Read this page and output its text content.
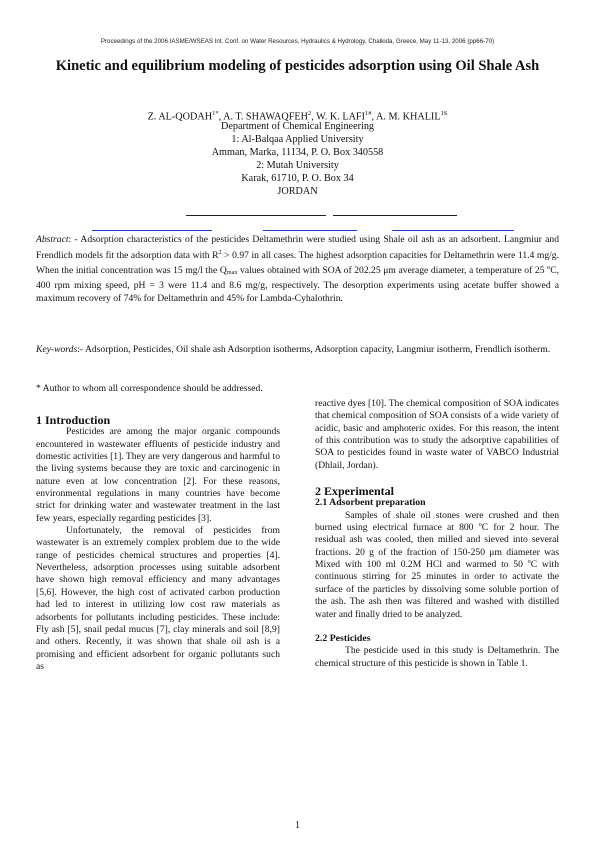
Proceedings of the 2006 IASME/WSEAS Int. Conf. on Water Resources, Hydraulics & Hydrology, Chalkida, Greece, May 11-13, 2006 (pp66-70)
Kinetic and equilibrium modeling of pesticides adsorption using Oil Shale Ash
Z. $AL-QODAH^{1*}$, A. T. SHAWAQFEH$^2$, W. K. $LAFI^{1\#}$, A. M. $KHALIL^{1S}$
Department of Chemical Engineering
1: Al-Balqaa Applied University
Amman, Marka, 11134, P. O. Box 340558
2: Mutah University
Karak, 61710, P. O. Box 34
JORDAN
Abstract: - Adsorption characteristics of the pesticides Deltamethrin were studied using Shale oil ash as an adsorbent. Langmiur and Frendlich models fit the adsorption data with $R^2 > 0.97$ in all cases. The highest adsorption capacities for Deltamethrin were 11.4 mg/g. When the initial concentration was 15 mg/l the $Q_{max}$ values obtained with SOA of 202.25 μm average diameter, a temperature of 25 $^o$C, 400 rpm mixing speed, pH = 3 were 11.4 and 8.6 mg/g, respectively. The desorption experiments using acetate buffer showed a maximum recovery of 74% for Deltamethrin and 45% for Lambda-Cyhalothrin.
Key-words:- Adsorption, Pesticides, Oil shale ash Adsorption isotherms, Adsorption capacity, Langmiur isotherm, Frendlich isotherm.
* Author to whom all correspondence should be addressed.

1 Introduction

Pesticides are among the major organic compounds encountered in wastewater effluents of pesticide industry and domestic activities [1]. They are very dangerous and harmful to the living systems because they are toxic and carcinogenic in nature even at low concentration [2]. For these reasons, environmental regulations in many countries have become strict for drinking water and wastewater treatment in the last few years, especially regarding pesticides [3].

Unfortunately, the removal of pesticides from wastewater is an extremely complex problem due to the wide range of pesticides chemical structures and properties [4]. Nevertheless, adsorption processes using suitable adsorbent have shown high removal efficiency and many advantages [5,6]. However, the high cost of activated carbon production had led to interest in utilizing low cost raw materials as adsorbents for pollutants including pesticides. These include: Fly ash [5], snail pedal mucus [7], clay minerals and soil [8,9] and others. Recently, it was shown that shale oil ash is a promising and efficient adsorbent for organic pollutants such as

reactive dyes [10]. The chemical composition of SOA indicates that chemical composition of SOA consists of a wide variety of acidic, basic and amphoteric oxides. For this reason, the intent of this contribution was to study the adsorptive capabilities of SOA to pesticides found in waste water of VABCO Industrial (Dhlail, Jordan).

2 Experimental

2.1 Adsorbent preparation

Samples of shale oil stones were crushed and then burned using electrical furnace at 800 $^o$C for 2 hour. The residual ash was cooled, then milled and sieved into several fractions. 20 g of the fraction of 150-250 μm diameter was Mixed with 100 ml 0.2M HCl and warmed to 50 $^o$C with continuous stirring for 25 minutes in order to activate the surface of the particles by dissolving some soluble portion of the ash. The ash then was filtered and washed with distilled water and finally dried to be analyzed.

2.2 Pesticides

The pesticide used in this study is Deltamethrin. The chemical structure of this pesticide is shown in Table 1.

1
